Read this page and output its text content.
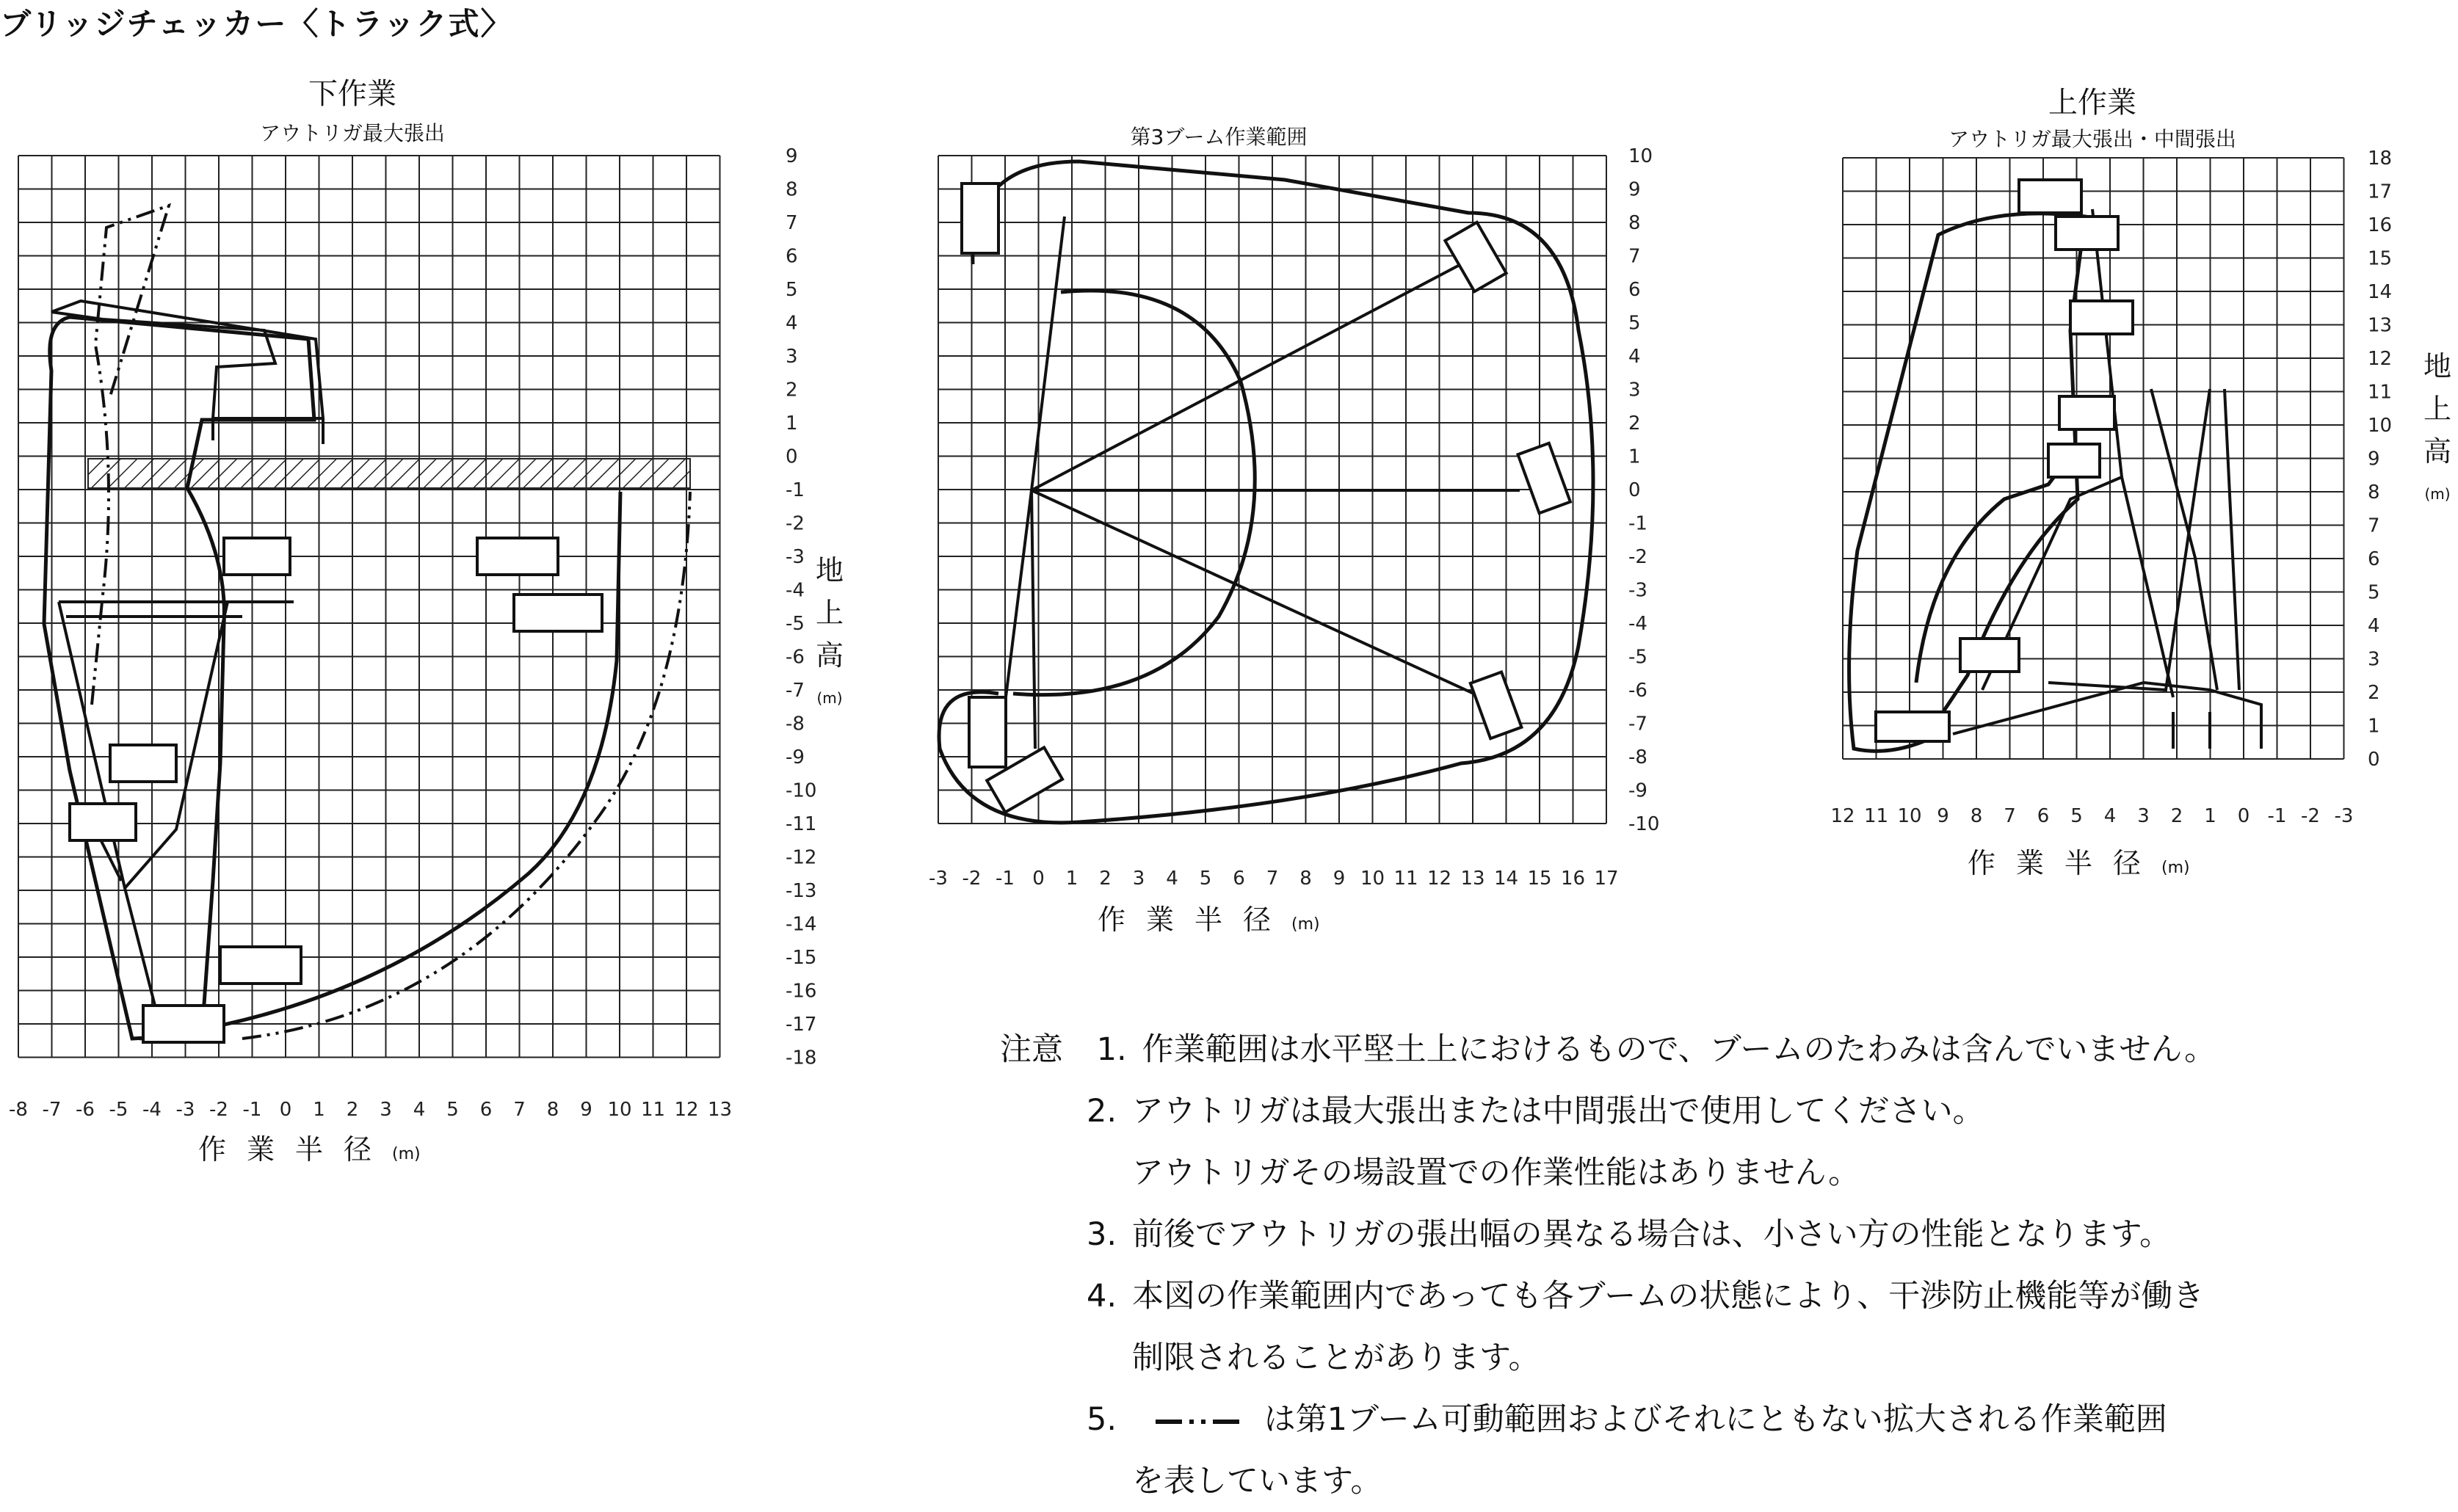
ブリッジチェッカー〈トラック式〉
下作業
アウトリガ最大張出
-8 -7 -6 -5 -4 -3 -2 -1 0 1 2 3 4 5 6 7 8 9 10 11 12 13
9
8
7
6
5
4
3
2
1
0
-1
-2
-3
-4
-5
-6
-7
-8
-9
-10
-11
-12
-13
-14
-15
-16
-17
-18
作業半径(m)
地
上
高
(m)
第3ブーム作業範囲
-3 -2 -1 0 1 2 3 4 5 6 7 8 9 10 11 12 13 14 15 16 17
10
9
8
7
6
5
4
3
2
1
0
-1
-2
-3
-4
-5
-6
-7
-8
-9
-10
作業半径(m)
上作業
アウトリガ最大張出・中間張出
12 11 10 9 8 7 6 5 4 3 2 1 0 -1 -2 -3
18
17
16
15
14
13
12
11
10
9
8
7
6
5
4
3
2
1
0
作業半径(m)
地
上
高
(m)
注意 1. 作業範囲は水平堅土上におけるもので、ブームのたわみは含んでいません。
2. アウトリガは最大張出または中間張出で使用してください。
アウトリガその場設置での作業性能はありません。
3. 前後でアウトリガの張出幅の異なる場合は、小さい方の性能となります。
4. 本図の作業範囲内であっても各ブームの状態により、干渉防止機能等が働き
制限されることがあります。
5.	は第1ブーム可動範囲およびそれにともない拡大される作業範囲
を表しています。
